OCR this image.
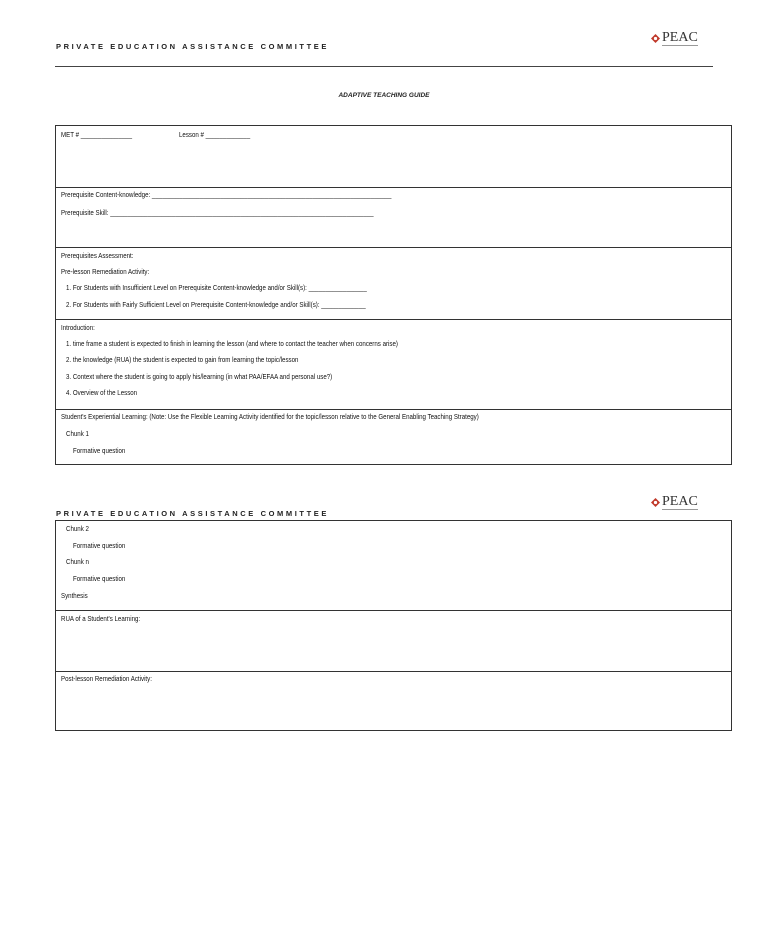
PRIVATE EDUCATION ASSISTANCE COMMITTEE
PEAC
ADAPTIVE TEACHING GUIDE
MET # _______________	Lesson # _____________
Prerequisite Content-knowledge: ______________________________________________________________________
Prerequisite Skill: _____________________________________________________________________________
Prerequisites Assessment:
Pre-lesson Remediation Activity:
1. For Students with Insufficient Level on Prerequisite Content-knowledge and/or Skill(s): _________________
2. For Students with Fairly Sufficient Level on Prerequisite Content-knowledge and/or Skill(s): _____________
Introduction:
1. time frame a student is expected to finish in learning the lesson (and where to contact the teacher when concerns arise)
2. the knowledge (RUA) the student is expected to gain from learning the topic/lesson
3. Context where the student is going to apply his/learning (in what PAA/EFAA and personal use?)
4. Overview of the Lesson
Student's Experiential Learning: (Note: Use the Flexible Learning Activity identified for the topic/lesson relative to the General Enabling Teaching Strategy)
Chunk 1
Formative question
PRIVATE EDUCATION ASSISTANCE COMMITTEE
PEAC
Chunk 2
Formative question
Chunk n
Formative question
Synthesis
RUA of a Student's Learning:
Post-lesson Remediation Activity:
